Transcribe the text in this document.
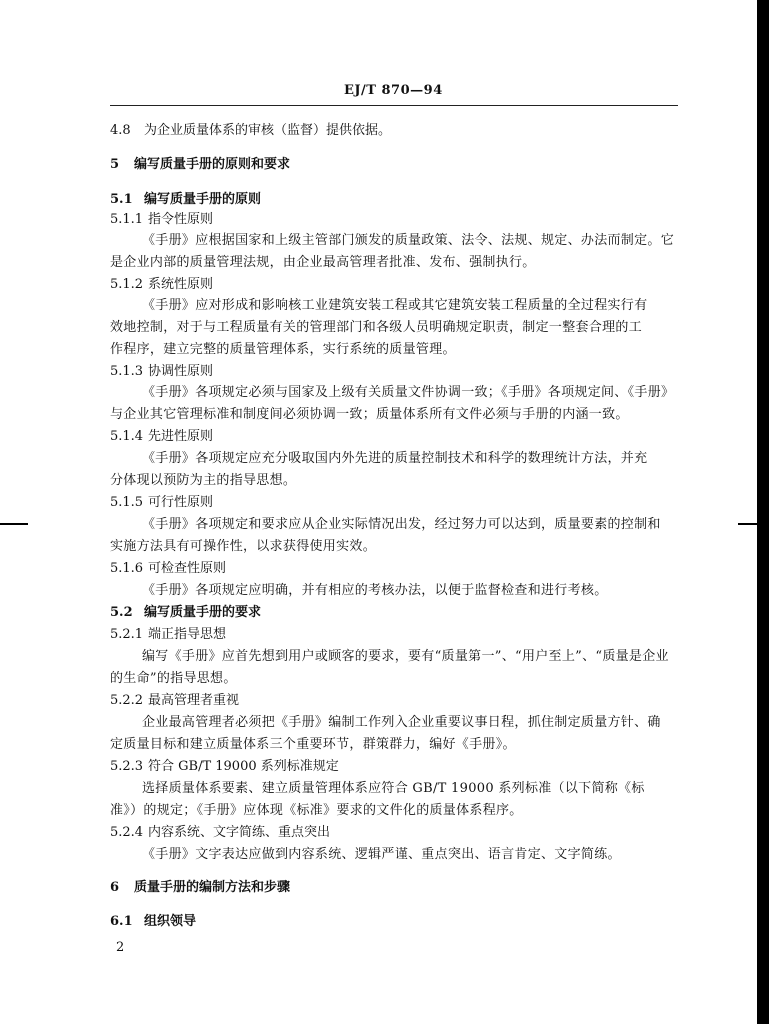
EJ/T 870—94
4.8 为企业质量体系的审核（监督）提供依据。
5 编写质量手册的原则和要求
5.1 编写质量手册的原则
5.1.1 指令性原则
《手册》应根据国家和上级主管部门颁发的质量政策、法令、法规、规定、办法而制定。它
是企业内部的质量管理法规，由企业最高管理者批准、发布、强制执行。
5.1.2 系统性原则
《手册》应对形成和影响核工业建筑安装工程或其它建筑安装工程质量的全过程实行有
效地控制，对于与工程质量有关的管理部门和各级人员明确规定职责，制定一整套合理的工
作程序，建立完整的质量管理体系，实行系统的质量管理。
5.1.3 协调性原则
《手册》各项规定必须与国家及上级有关质量文件协调一致；《手册》各项规定间、《手册》
与企业其它管理标准和制度间必须协调一致；质量体系所有文件必须与手册的内涵一致。
5.1.4 先进性原则
《手册》各项规定应充分吸取国内外先进的质量控制技术和科学的数理统计方法，并充
分体现以预防为主的指导思想。
5.1.5 可行性原则
《手册》各项规定和要求应从企业实际情况出发，经过努力可以达到，质量要素的控制和
实施方法具有可操作性，以求获得使用实效。
5.1.6 可检查性原则
《手册》各项规定应明确，并有相应的考核办法，以便于监督检查和进行考核。
5.2 编写质量手册的要求
5.2.1 端正指导思想
编写《手册》应首先想到用户或顾客的要求，要有“质量第一”、“用户至上”、“质量是企业
的生命”的指导思想。
5.2.2 最高管理者重视
企业最高管理者必须把《手册》编制工作列入企业重要议事日程，抓住制定质量方针、确
定质量目标和建立质量体系三个重要环节，群策群力，编好《手册》。
5.2.3 符合 GB/T 19000 系列标准规定
选择质量体系要素、建立质量管理体系应符合 GB/T 19000 系列标准（以下简称《标
准》）的规定；《手册》应体现《标准》要求的文件化的质量体系程序。
5.2.4 内容系统、文字简练、重点突出
《手册》文字表达应做到内容系统、逻辑严谨、重点突出、语言肯定、文字简练。
6 质量手册的编制方法和步骤
6.1 组织领导
2
